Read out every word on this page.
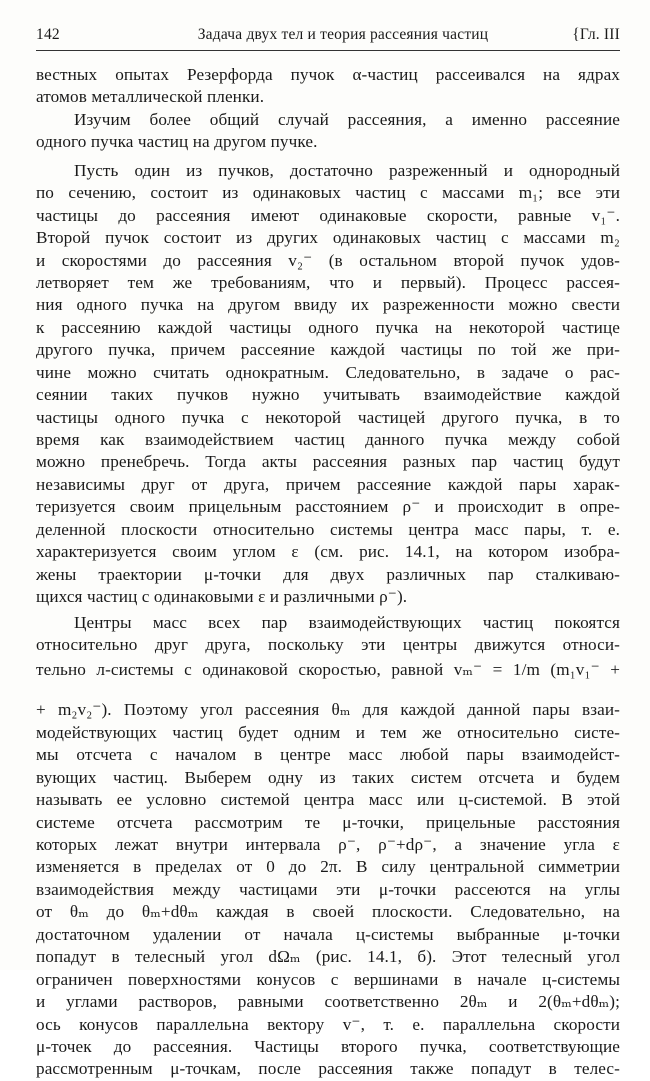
142	Задача двух тел и теория рассеяния частиц	{Гл. III
вестных опытах Резерфорда пучок α-частиц рассеивался на ядрах
атомов металлической пленки.
Изучим более общий случай рассеяния, а именно рассеяние
одного пучка частиц на другом пучке.
Пусть один из пучков, достаточно разреженный и однородный
по сечению, состоит из одинаковых частиц с массами m₁; все эти
частицы до рассеяния имеют одинаковые скорости, равные v₁⁻.
Второй пучок состоит из других одинаковых частиц с массами m₂
и скоростями до рассеяния v₂⁻ (в остальном второй пучок удов-
летворяет тем же требованиям, что и первый). Процесс рассея-
ния одного пучка на другом ввиду их разреженности можно свести
к рассеянию каждой частицы одного пучка на некоторой частице
другого пучка, причем рассеяние каждой частицы по той же при-
чине можно считать однократным. Следовательно, в задаче о рас-
сеянии таких пучков нужно учитывать взаимодействие каждой
частицы одного пучка с некоторой частицей другого пучка, в то
время как взаимодействием частиц данного пучка между собой
можно пренебречь. Тогда акты рассеяния разных пар частиц будут
независимы друг от друга, причем рассеяние каждой пары харак-
теризуется своим прицельным расстоянием ρ⁻ и происходит в опре-
деленной плоскости относительно системы центра масс пары, т. е.
характеризуется своим углом ε (см. рис. 14.1, на котором изобра-
жены траектории μ-точки для двух различных пар сталкиваю-
щихся частиц с одинаковыми ε и различными ρ⁻).
Центры масс всех пар взаимодействующих частиц покоятся
относительно друг друга, поскольку эти центры движутся относи-
тельно л-системы с одинаковой скоростью, равной vₘ⁻ = 1/m (m₁v₁⁻ +
+ m₂v₂⁻). Поэтому угол рассеяния θₘ для каждой данной пары взаи-
модействующих частиц будет одним и тем же относительно систе-
мы отсчета с началом в центре масс любой пары взаимодейст-
вующих частиц. Выберем одну из таких систем отсчета и будем
называть ее условно системой центра масс или ц-системой. В этой
системе отсчета рассмотрим те μ-точки, прицельные расстояния
которых лежат внутри интервала ρ⁻, ρ⁻+dρ⁻, а значение угла ε
изменяется в пределах от 0 до 2π. В силу центральной симметрии
взаимодействия между частицами эти μ-точки рассеются на углы
от θₘ до θₘ+dθₘ каждая в своей плоскости. Следовательно, на
достаточном удалении от начала ц-системы выбранные μ-точки
попадут в телесный угол dΩₘ (рис. 14.1, б). Этот телесный угол
ограничен поверхностями конусов с вершинами в начале ц-системы
и углами растворов, равными соответственно 2θₘ и 2(θₘ+dθₘ);
ось конусов параллельна вектору v⁻, т. е. параллельна скорости
μ-точек до рассеяния. Частицы второго пучка, соответствующие
рассмотренным μ-точкам, после рассеяния также попадут в телес-
